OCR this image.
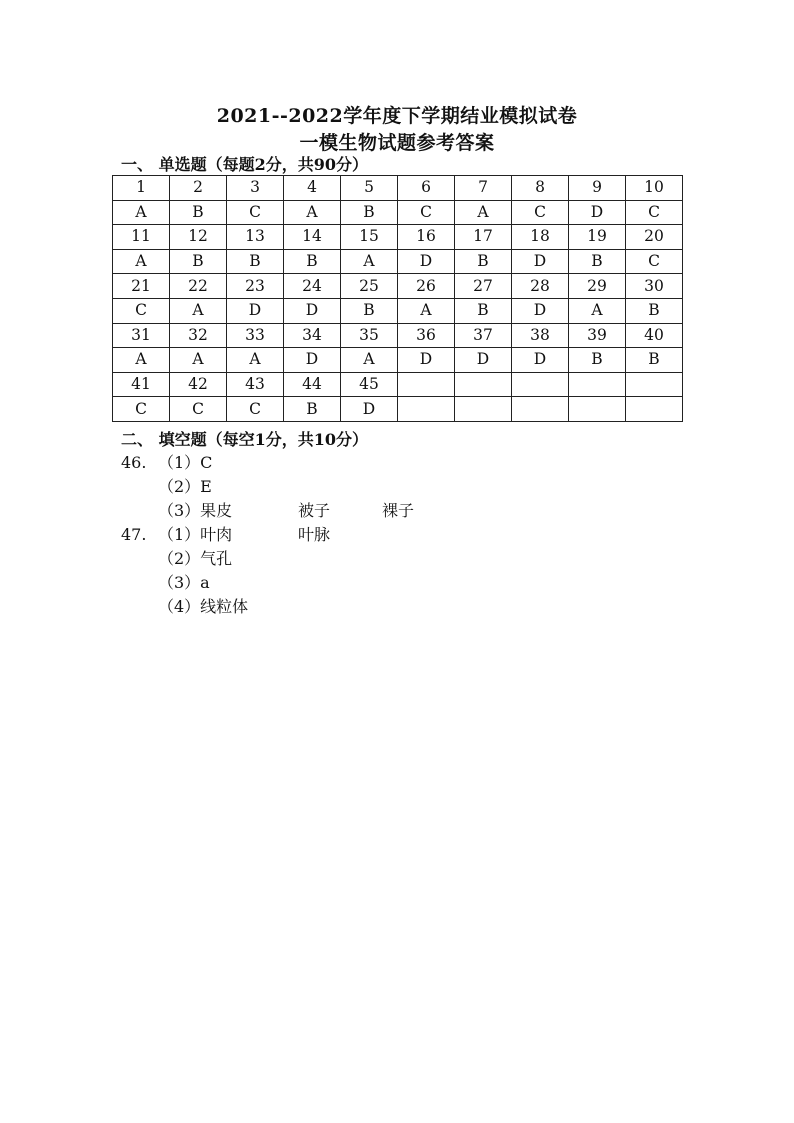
2021--2022学年度下学期结业模拟试卷
一模生物试题参考答案
一、 单选题（每题2分，共90分）
1	2	3	4	5	6	7	8	9	10
A	B	C	A	B	C	A	C	D	C
11	12	13	14	15	16	17	18	19	20
A	B	B	B	A	D	B	D	B	C
21	22	23	24	25	26	27	28	29	30
C	A	D	D	B	A	B	D	A	B
31	32	33	34	35	36	37	38	39	40
A	A	A	D	A	D	D	D	B	B
41	42	43	44	45					
C	C	C	B	D					
二、 填空题（每空1分，共10分）

46.

（1）C

（2）E

（3）果皮

	被子

	裸子

47.

（1）叶肉

	叶脉

（2）气孔

（3）a

（4）线粒体
